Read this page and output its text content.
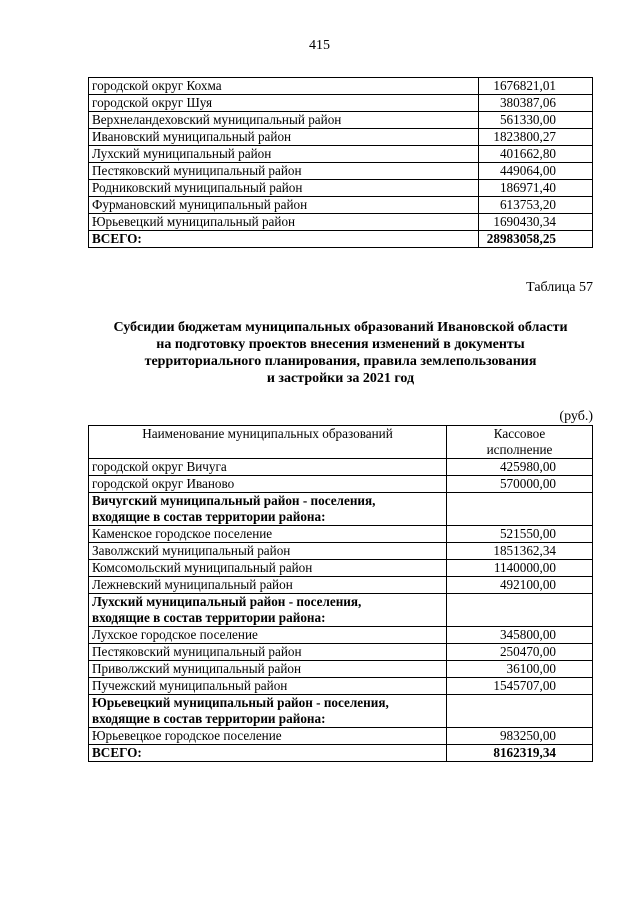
415
городской округ Кохма	1676821,01
городской округ Шуя	380387,06
Верхнеландеховский муниципальный район	561330,00
Ивановский муниципальный район	1823800,27
Лухский муниципальный район	401662,80
Пестяковский муниципальный район	449064,00
Родниковский муниципальный район	186971,40
Фурмановский муниципальный район	613753,20
Юрьевецкий муниципальный район	1690430,34
ВСЕГО:	28983058,25
Таблица 57
Субсидии бюджетам муниципальных образований Ивановской области
на подготовку проектов внесения изменений в документы
территориального планирования, правила землепользования
и застройки за 2021 год
(руб.)
Наименование муниципальных образований	Кассовое
исполнение

городской округ Вичуга	425980,00
городской округ Иваново	570000,00

Вичугский муниципальный район - поселения,
входящие в состав территории района:	

Каменское городское поселение	521550,00
Заволжский муниципальный район	1851362,34
Комсомольский муниципальный район	1140000,00
Лежневский муниципальный район	492100,00

Лухский муниципальный район - поселения,
входящие в состав территории района:	

Лухское городское поселение	345800,00
Пестяковский муниципальный район	250470,00
Приволжский муниципальный район	36100,00
Пучежский муниципальный район	1545707,00

Юрьевецкий муниципальный район - поселения,
входящие в состав территории района:	

Юрьевецкое городское поселение	983250,00
ВСЕГО:	8162319,34
